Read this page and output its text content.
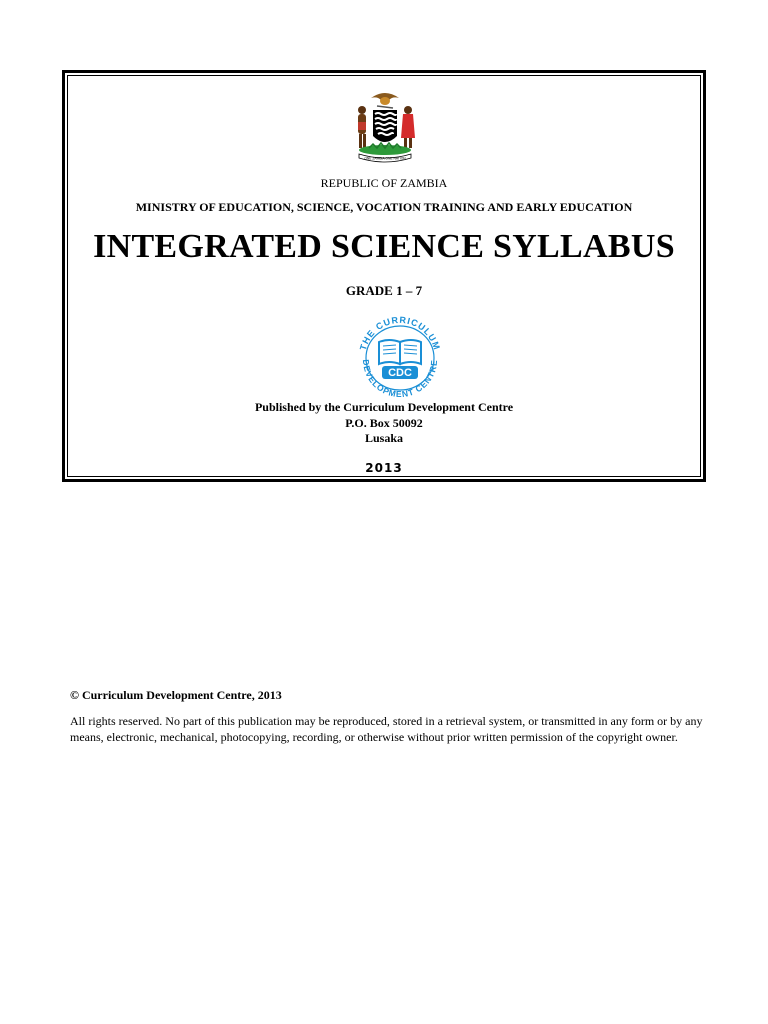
ONE ZAMBIA ONE NATION
REPUBLIC OF ZAMBIA
MINISTRY OF EDUCATION, SCIENCE, VOCATION TRAINING AND EARLY EDUCATION
INTEGRATED SCIENCE SYLLABUS
GRADE 1 – 7
THE CURRICULUM
DEVELOPMENT CENTRE
CDC
Published by the Curriculum Development Centre
P.O. Box 50092
Lusaka
2013
© Curriculum Development Centre, 2013
All rights reserved. No part of this publication may be reproduced, stored in a retrieval system, or transmitted in any form or by any
means, electronic, mechanical, photocopying, recording, or otherwise without prior written permission of the copyright owner.
